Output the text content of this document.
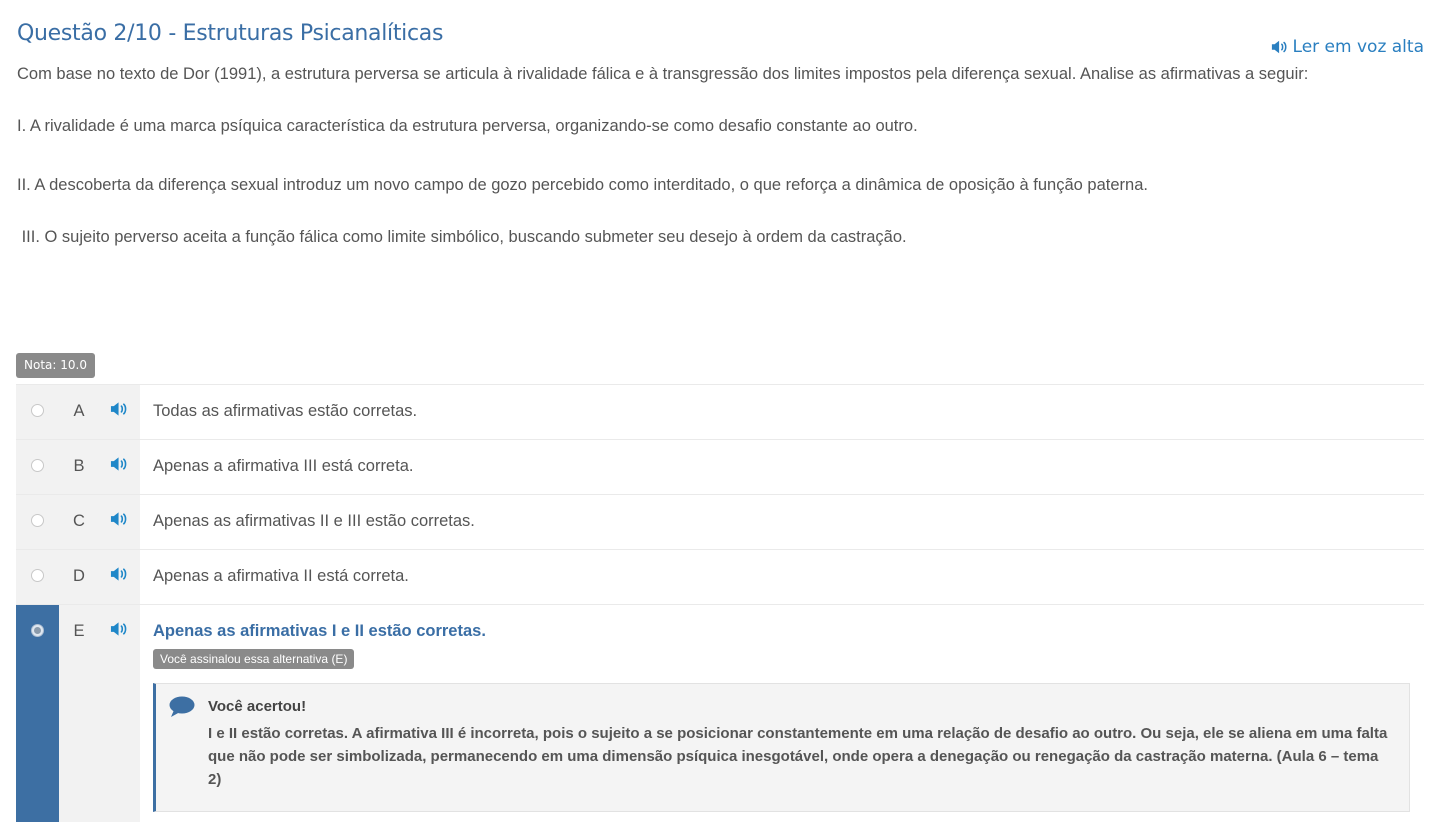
Questão 2/10 - Estruturas Psicanalíticas
Ler em voz alta

Com base no texto de Dor (1991), a estrutura perversa se articula à rivalidade fálica e à transgressão dos limites impostos pela diferença sexual. Analise as afirmativas a seguir:

I. A rivalidade é uma marca psíquica característica da estrutura perversa, organizando-se como desafio constante ao outro.

II. A descoberta da diferença sexual introduz um novo campo de gozo percebido como interditado, o que reforça a dinâmica de oposição à função paterna.

III. O sujeito perverso aceita a função fálica como limite simbólico, buscando submeter seu desejo à ordem da castração.

Nota: 10.0
A	Todas as afirmativas estão corretas.
B	Apenas a afirmativa III está correta.
C	Apenas as afirmativas II e III estão corretas.
D	Apenas a afirmativa II está correta.
E	Apenas as afirmativas I e II estão corretas.
Você assinalou essa alternativa (E)
Você acertou!
I e II estão corretas. A afirmativa III é incorreta, pois o sujeito a se posicionar constantemente em uma relação de desafio ao outro. Ou seja, ele se aliena em uma falta que não pode ser simbolizada, permanecendo em uma dimensão psíquica inesgotável, onde opera a denegação ou renegação da castração materna. (Aula 6 – tema 2)
